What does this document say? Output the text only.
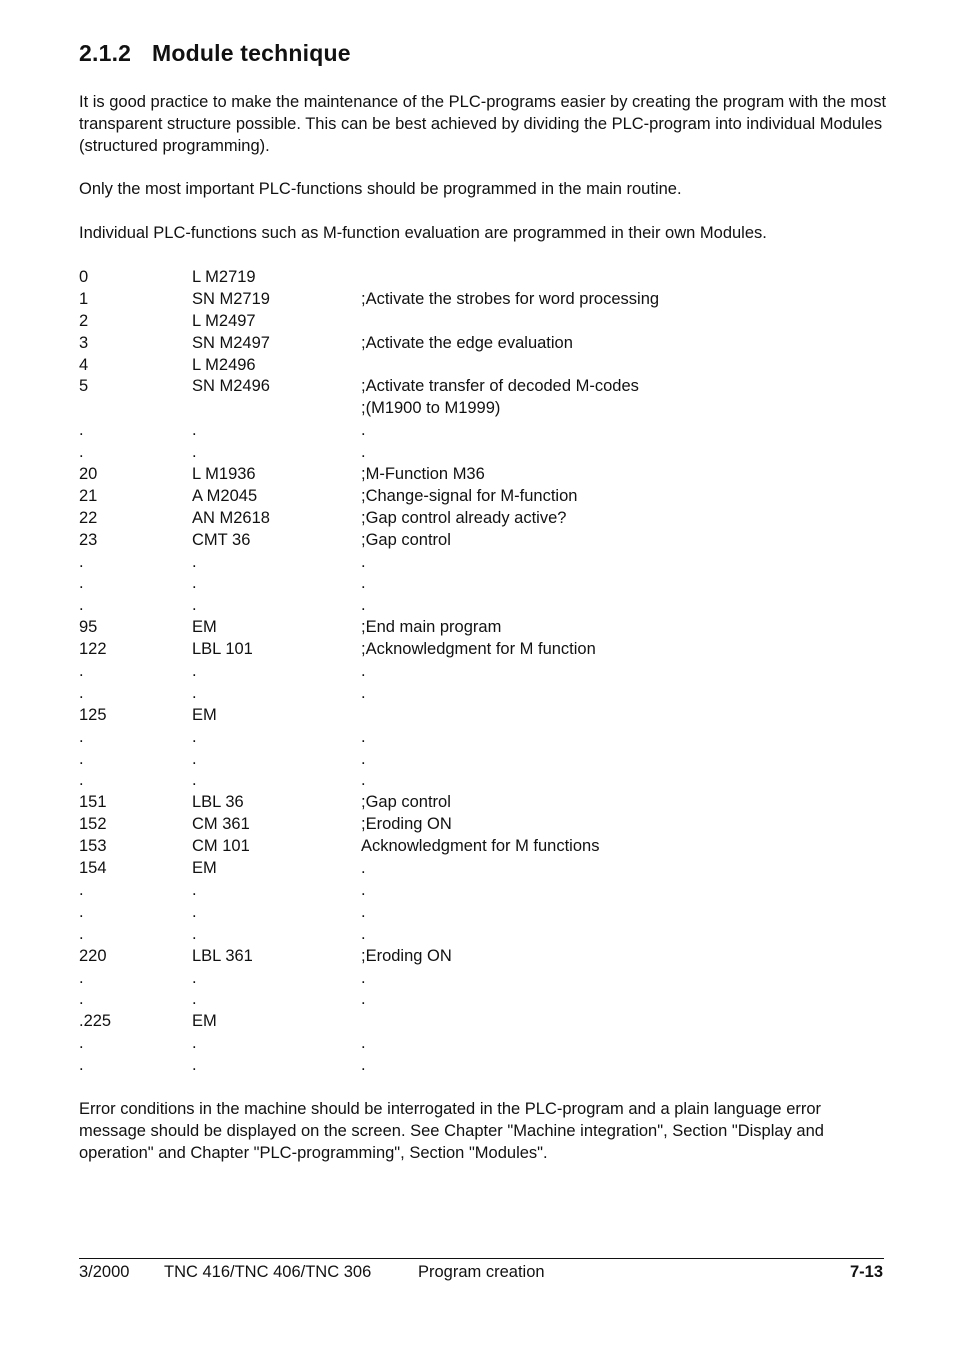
2.1.2 Module technique
It is good practice to make the maintenance of the PLC-programs easier by creating the program with the most transparent structure possible. This can be best achieved by dividing the PLC-program into individual Modules (structured programming).
Only the most important PLC-functions should be programmed in the main routine.
Individual PLC-functions such as M-function evaluation are programmed in their own Modules.
0	L M2719
1	SN M2719	;Activate the strobes for word processing
2	L M2497
3	SN M2497	;Activate the edge evaluation
4	L M2496
5	SN M2496	;Activate transfer of decoded M-codes
;(M1900 to M1999)
.	.	.
.	.	.
20	L M1936	;M-Function M36
21	A M2045	;Change-signal for M-function
22	AN M2618	;Gap control already active?
23	CMT 36	;Gap control
.	.	.
.	.	.
.	.	.
95	EM	;End main program
122	LBL 101	;Acknowledgment for M function
.	.	.
.	.	.
125	EM
.	.	.
.	.	.
.	.	.
151	LBL 36	;Gap control
152	CM 361	;Eroding ON
153	CM 101	Acknowledgment for M functions
154	EM	.
.	.	.
.	.	.
.	.	.
220	LBL 361	;Eroding ON
.	.	.
.	.	.
.225	EM
.	.	.
.	.	.
Error conditions in the machine should be interrogated in the PLC-program and a plain language error message should be displayed on the screen. See Chapter "Machine integration", Section "Display and operation" and Chapter "PLC-programming", Section "Modules".
3/2000 TNC 416/TNC 406/TNC 306	Program creation	7-13
